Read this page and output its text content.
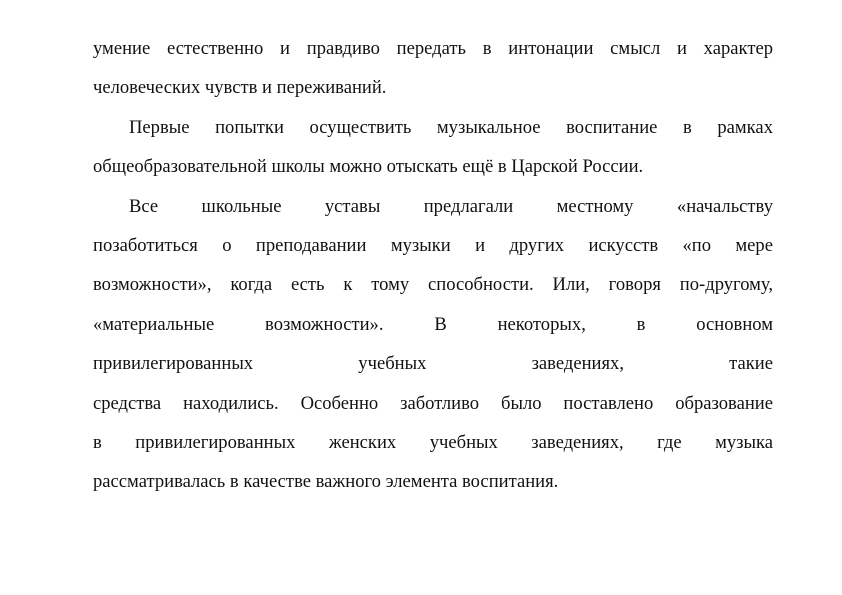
умение естественно и правдиво передать в интонации смысл и характер
человеческих чувств и переживаний.
Первые попытки осуществить музыкальное воспитание в рамках
общеобразовательной школы можно отыскать ещё в Царской России.
Все школьные уставы предлагали местному «начальству
позаботиться о преподавании музыки и других искусств «по мере
возможности», когда есть к тому способности. Или, говоря по-другому,
«материальные возможности». В некоторых, в основном
привилегированных учебных заведениях, такие
средства находились. Особенно заботливо было поставлено образование
в привилегированных женских учебных заведениях, где музыка
рассматривалась в качестве важного элемента воспитания.
